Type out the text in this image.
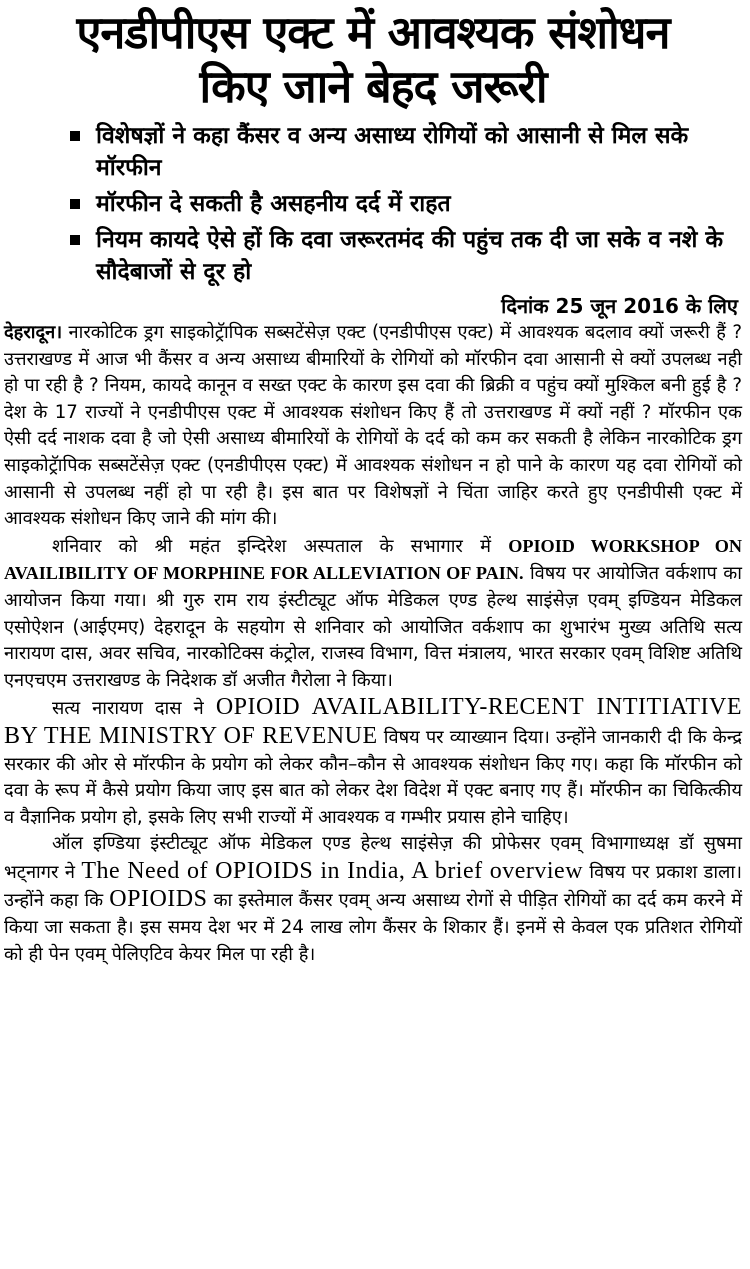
एनडीपीएस एक्ट में आवश्यक संशोधन
किए जाने बेहद जरूरी
विशेषज्ञों ने कहा कैंसर व अन्य असाध्य रोगियों को आसानी से मिल सके मॉरफीन
मॉरफीन दे सकती है असहनीय दर्द में राहत
नियम कायदे ऐसे हों कि दवा जरूरतमंद की पहुंच तक दी जा सके व नशे के सौदेबाजों से दूर हो
दिनांक 25 जून 2016 के लिए

देहरादून। नारकोटिक ड्रग साइकोट्रॅापिक सब्सटेंसेज़ एक्ट (एनडीपीएस एक्ट) में आवश्यक बदलाव क्यों जरूरी हैं ? उत्तराखण्ड में आज भी कैंसर व अन्य असाध्य बीमारियों के रोगियों को मॉरफीन दवा आसानी से क्यों उपलब्ध नही हो पा रही है ? नियम, कायदे कानून व सख्त एक्ट के कारण इस दवा की ब्रिक्री व पहुंच क्यों मुश्किल बनी हुई है ? देश के 17 राज्यों ने एनडीपीएस एक्ट में आवश्यक संशोधन किए हैं तो उत्तराखण्ड में क्यों नहीं ? मॉरफीन एक ऐसी दर्द नाशक दवा है जो ऐसी असाध्य बीमारियों के रोगियों के दर्द को कम कर सकती है लेकिन नारकोटिक ड्रग साइकोट्रॅापिक सब्सटेंसेज़ एक्ट (एनडीपीएस एक्ट) में आवश्यक संशोधन न हो पाने के कारण यह दवा रोगियों को आसानी से उपलब्ध नहीं हो पा रही है। इस बात पर विशेषज्ञों ने चिंता जाहिर करते हुए एनडीपीसी एक्ट में आवश्यक संशोधन किए जाने की मांग की।

शनिवार को श्री महंत इन्दिरेश अस्पताल के सभागार में OPIOID WORKSHOP ON AVAILIBILITY OF MORPHINE FOR ALLEVIATION OF PAIN. विषय पर आयोजित वर्कशाप का आयोजन किया गया। श्री गुरु राम राय इंस्टीट्यूट ऑफ मेडिकल एण्ड हेल्थ साइंसेज़ एवम् इण्डियन मेडिकल एसोऐशन (आईएमए) देहरादून के सहयोग से शनिवार को आयोजित वर्कशाप का शुभारंभ मुख्य अतिथि सत्य नारायण दास, अवर सचिव, नारकोटिक्स कंट्रोल, राजस्व विभाग, वित्त मंत्रालय, भारत सरकार एवम् विशिष्ट अतिथि एनएचएम उत्तराखण्ड के निदेशक डॉ अजीत गैरोला ने किया।

सत्य नारायण दास ने OPIOID AVAILABILITY-RECENT INTITIATIVE BY THE MINISTRY OF REVENUE विषय पर व्याख्यान दिया। उन्होंने जानकारी दी कि केन्द्र सरकार की ओर से मॉरफीन के प्रयोग को लेकर कौन–कौन से आवश्यक संशोधन किए गए। कहा कि मॉरफीन को दवा के रूप में कैसे प्रयोग किया जाए इस बात को लेकर देश विदेश में एक्ट बनाए गए हैं। मॉरफीन का चिकित्कीय व वैज्ञानिक प्रयोग हो, इसके लिए सभी राज्यों में आवश्यक व गम्भीर प्रयास होने चाहिए।

ऑल इण्डिया इंस्टीट्यूट ऑफ मेडिकल एण्ड हेल्थ साइंसेज़ की प्रोफेसर एवम् विभागाध्यक्ष डॉ सुषमा भट्नागर ने The Need of OPIOIDS in India, A brief overview विषय पर प्रकाश डाला। उन्होंने कहा कि OPIOIDS का इस्तेमाल कैंसर एवम् अन्य असाध्य रोगों से पीड़ित रोगियों का दर्द कम करने में किया जा सकता है। इस समय देश भर में 24 लाख लोग कैंसर के शिकार हैं। इनमें से केवल एक प्रतिशत रोगियों को ही पेन एवम् पेलिएटिव केयर मिल पा रही है।
